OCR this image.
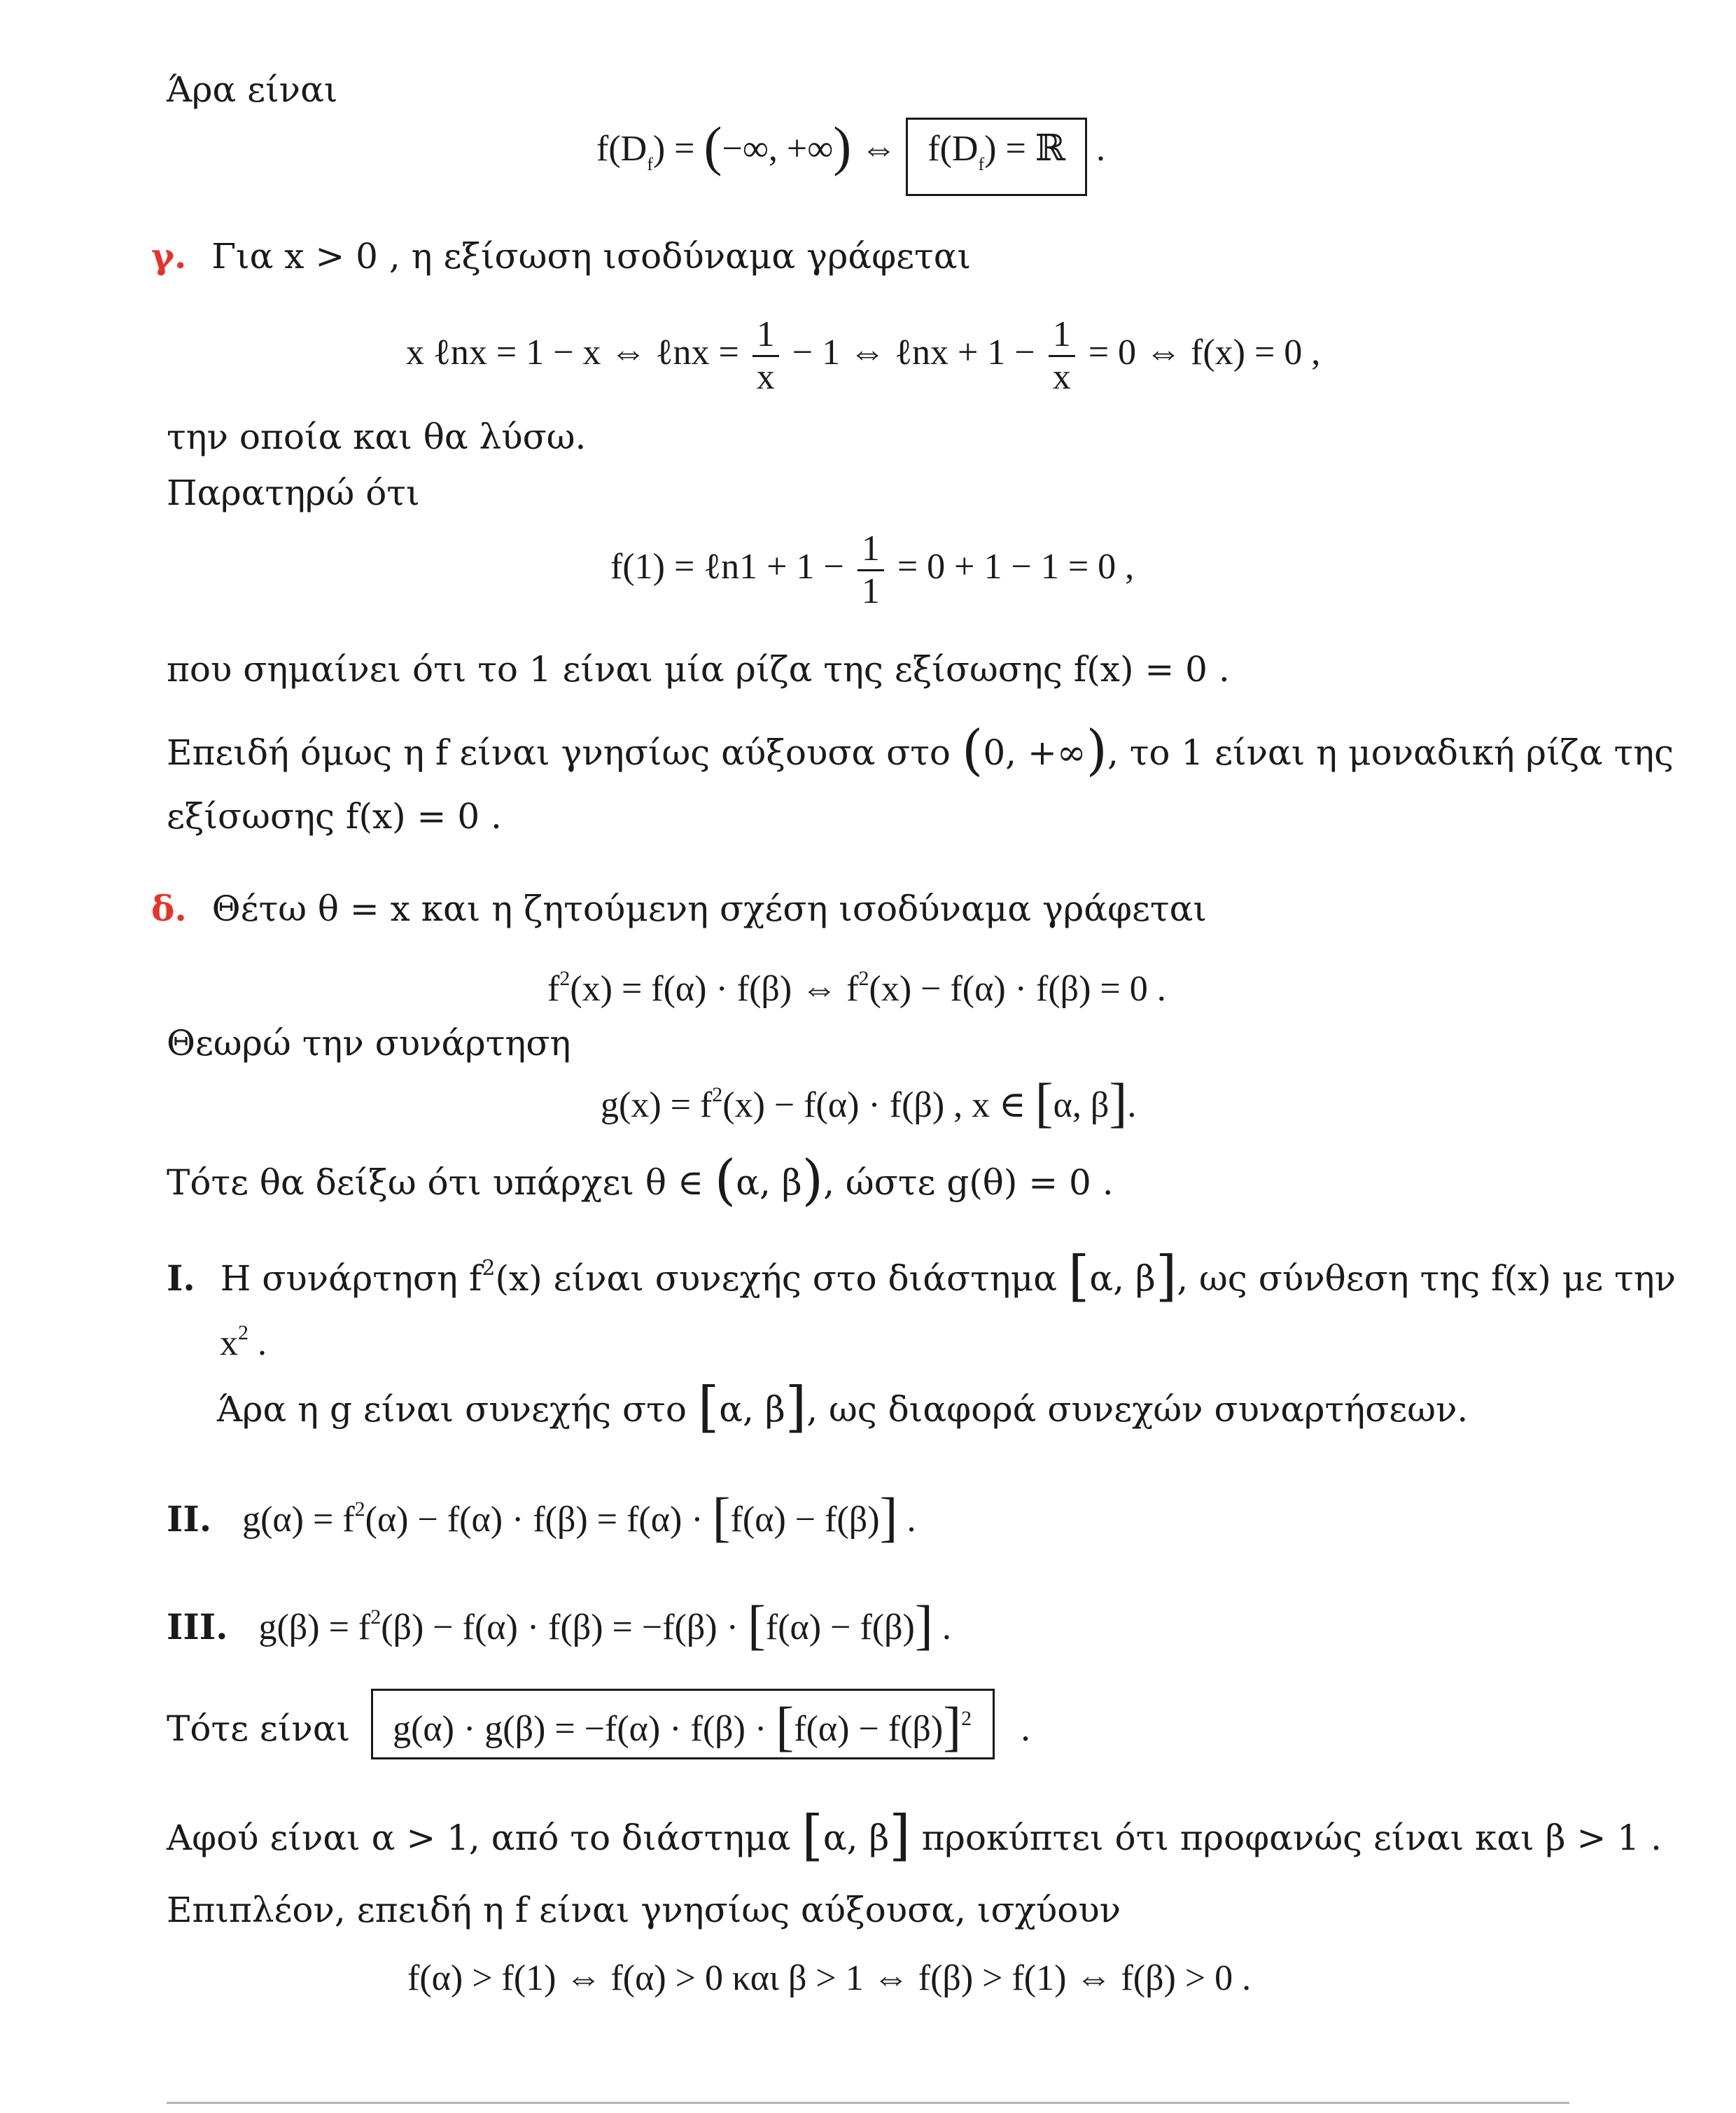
Άρα είναι
$f(D_f)$ = (−∞, +∞) ⇔ $f(D_f)$ = ℝ .
γ. Για x > 0 , η εξίσωση ισοδύναμα γράφεται
x ℓnx = 1 − x ⇔ ℓnx = $\frac{1}{x} - 1$ ⇔ ℓnx + $1 - \frac{1}{x} = 0$ ⇔ f(x) = 0 ,
την οποία και θα λύσω.
Παρατηρώ ότι
f(1) = ℓn1 + $1 - \frac{1}{1} = 0 + 1 - 1 = 0$ ,
που σημαίνει ότι το 1 είναι μία ρίζα της εξίσωσης f(x) = 0 .
Επειδή όμως η f είναι γνησίως αύξουσα στο (0, +∞), το 1 είναι η μοναδική ρίζα της
εξίσωσης f(x) = 0 .
δ. Θέτω θ = x και η ζητούμενη σχέση ισοδύναμα γράφεται
$f^2(x) = f(\alpha) \cdot f(\beta)$ ⇔ $f^2(x) - f(\alpha) \cdot f(\beta) = 0$ .
Θεωρώ την συνάρτηση
$g(x) = f^2(x) - f(\alpha) \cdot f(\beta)$ , x ∈ [α, β].
Τότε θα δείξω ότι υπάρχει θ ∈ (α, β), ώστε g(θ) = 0 .
I. Η συνάρτηση $f^2(x)$ είναι συνεχής στο διάστημα [α, β], ως σύνθεση της f(x) με την
$x^2$ .
Άρα η g είναι συνεχής στο [α, β], ως διαφορά συνεχών συναρτήσεων.
II. $g(\alpha) = f^2(\alpha) - f(\alpha) \cdot f(\beta) = f(\alpha) \cdot [f(\alpha) - f(\beta)]$ .
III. $g(\beta) = f^2(\beta) - f(\alpha) \cdot f(\beta) = -f(\beta) \cdot [f(\alpha) - f(\beta)]$ .
Τότε είναι $g(\alpha) \cdot g(\beta) = -f(\alpha) \cdot f(\beta) \cdot [f(\alpha) - f(\beta)]^2$ .
Αφού είναι α > 1, από το διάστημα [α, β] προκύπτει ότι προφανώς είναι και β > 1 .
Επιπλέον, επειδή η f είναι γνησίως αύξουσα, ισχύουν
f(α) > f(1) ⇔ f(α) > 0 και β > 1 ⇔ f(β) > f(1) ⇔ f(β) > 0 .
